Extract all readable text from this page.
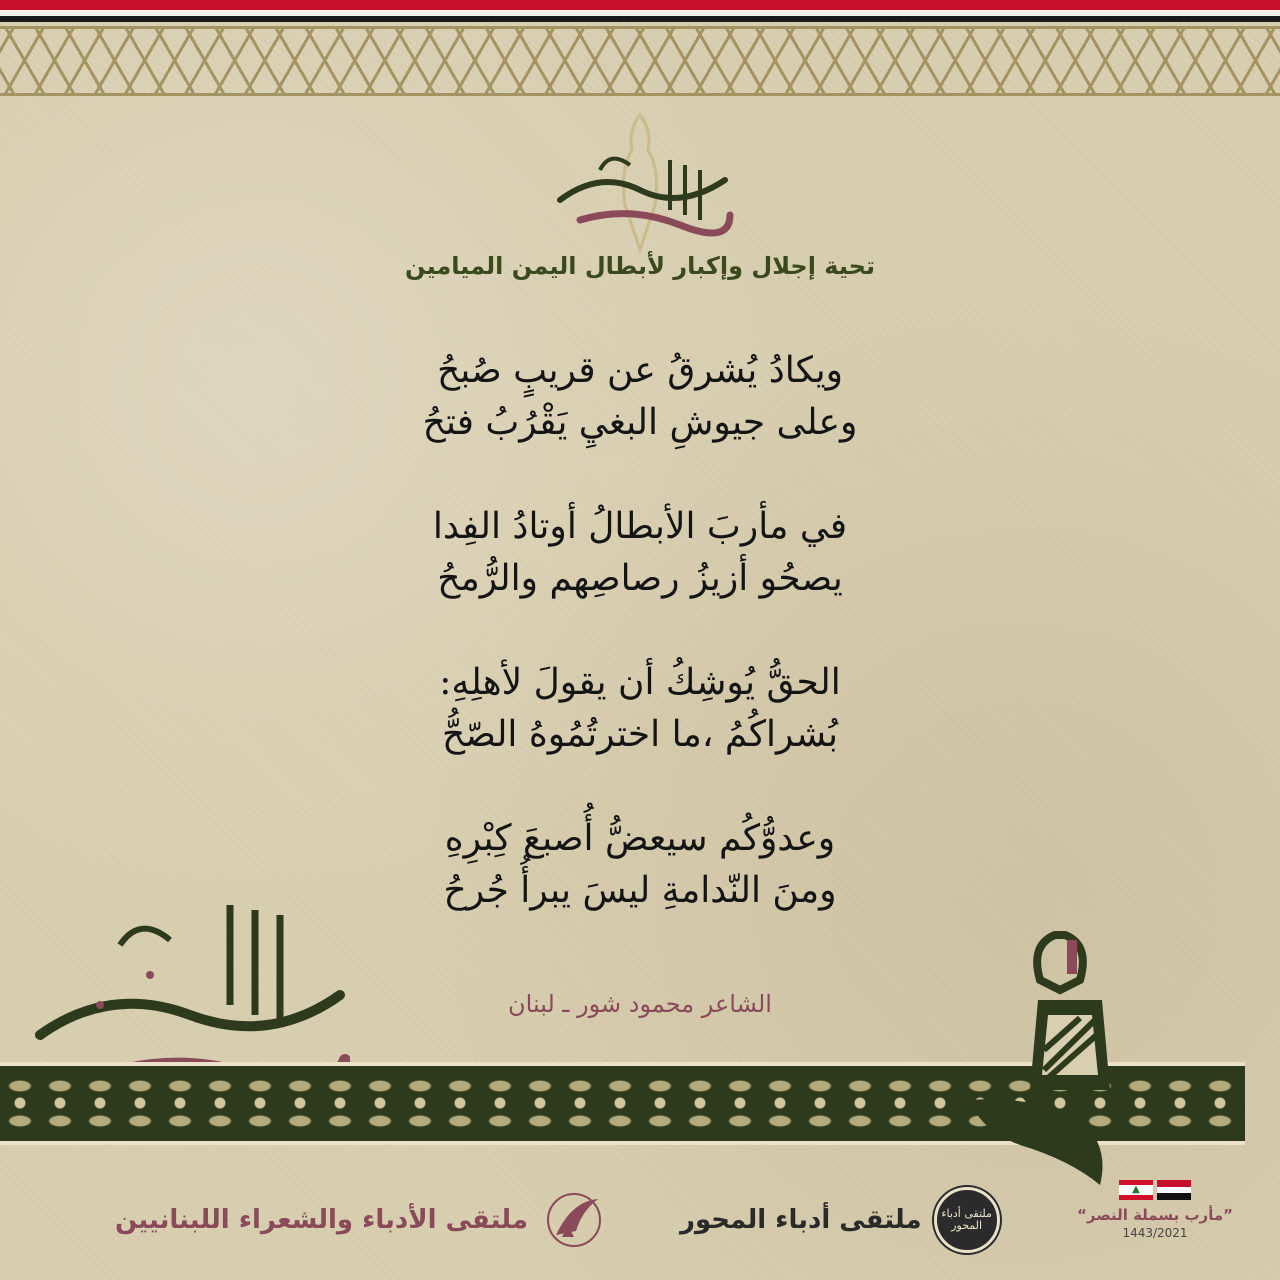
تحية إجلال وإكبار لأبطال اليمن الميامين
ويكادُ يُشرقُ عن قريبٍ صُبحُ
وعلى جيوشِ البغيِ يَقْرُبُ فتحُ
في مأربَ الأبطالُ أوتادُ الفِدا
يصحُو أزيزُ رصاصِهم والرُّمحُ
الحقُّ يُوشِكُ أن يقولَ لأهلِهِ:
بُشراكُمُ ،ما اخترتُمُوهُ الصّحُّ
وعدوُّكُم سيعضُّ أُصبعَ كِبْرِهِ
ومنَ النّدامةِ ليسَ يبرأُ جُرحُ
الشاعر محمود شور ـ لبنان
ملتقى الأدباء والشعراء اللبنانيين	ملتقى أدباء المحور	ملتقى أدباء المحور
▲
”مأرب بسملة النصر“
1443/2021
